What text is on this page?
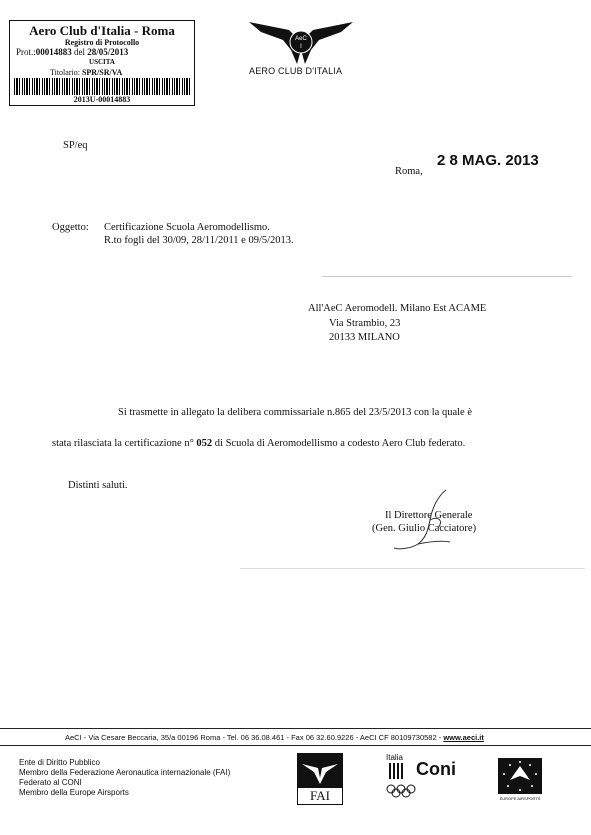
Aero Club d'Italia - Roma
Registro di Protocollo
Prot.:00014883 del 28/05/2013
USCITA
Titolario: SPR/SR/VA
2013U-00014883
AeC
I
AERO CLUB D'ITALIA
SP/eq
Roma,
2 8 MAG. 2013
Oggetto: Certificazione Scuola Aeromodellismo.
R.to fogli del 30/09, 28/11/2011 e 09/5/2013.
All'AeC Aeromodell. Milano Est ACAME
Via Strambio, 23
20133 MILANO
Si trasmette in allegato la delibera commissariale n.865 del 23/5/2013 con la quale è
stata rilasciata la certificazione n° 052 di Scuola di Aeromodellismo a codesto Aero Club federato.
Distinti saluti.
Il Direttore Generale
(Gen. Giulio Cacciatore)
AeCI - Via Cesare Beccaria, 35/a 00196 Roma - Tel. 06 36.08.461 - Fax 06 32.60.9226 - AeCI CF 80109730582 - www.aeci.it
Ente di Diritto Pubblico
Membro della Federazione Aeronautica internazionale (FAI)
Federato al CONI
Membro della Europe Airsports	FAI
Italia
Coni
EUROPE AIRSPORTS
